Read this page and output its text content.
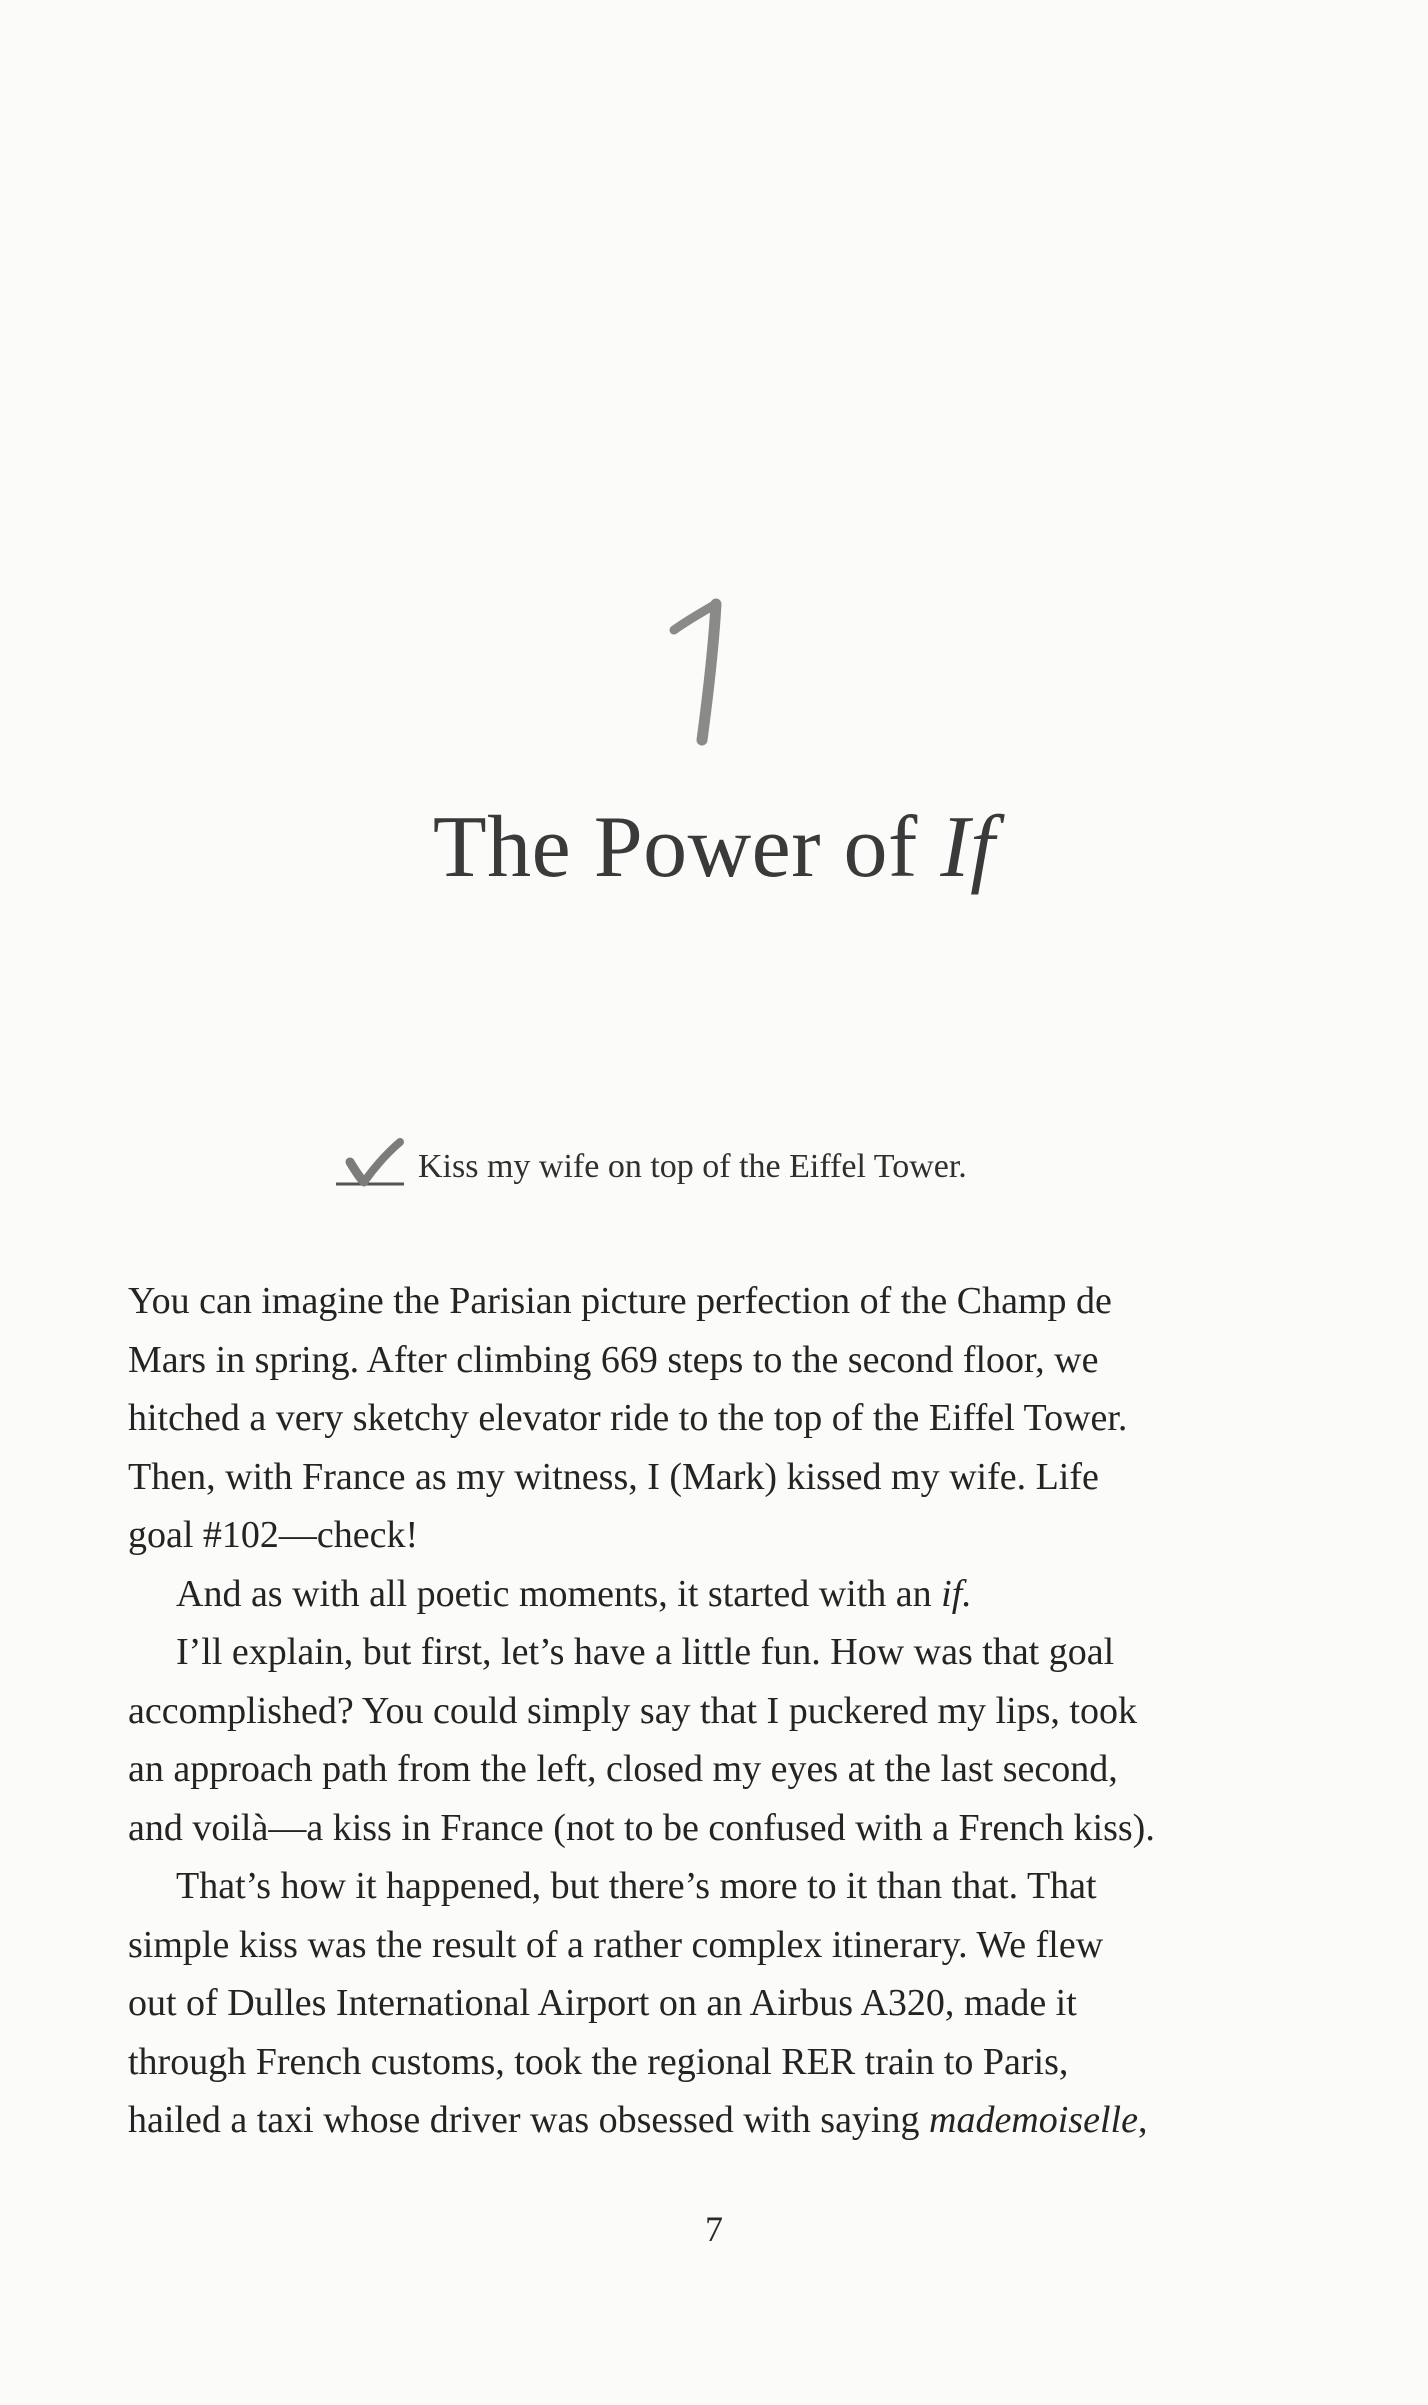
The Power of If
Kiss my wife on top of the Eiffel Tower.
You can imagine the Parisian picture perfection of the Champ de
Mars in spring. After climbing 669 steps to the second floor, we
hitched a very sketchy elevator ride to the top of the Eiffel Tower.
Then, with France as my witness, I (Mark) kissed my wife. Life
goal #102—check!
And as with all poetic moments, it started with an if.
I’ll explain, but first, let’s have a little fun. How was that goal
accomplished? You could simply say that I puckered my lips, took
an approach path from the left, closed my eyes at the last second,
and voilà—a kiss in France (not to be confused with a French kiss).
That’s how it happened, but there’s more to it than that. That
simple kiss was the result of a rather complex itinerary. We flew
out of Dulles International Airport on an Airbus A320, made it
through French customs, took the regional RER train to Paris,
hailed a taxi whose driver was obsessed with saying mademoiselle,
7
